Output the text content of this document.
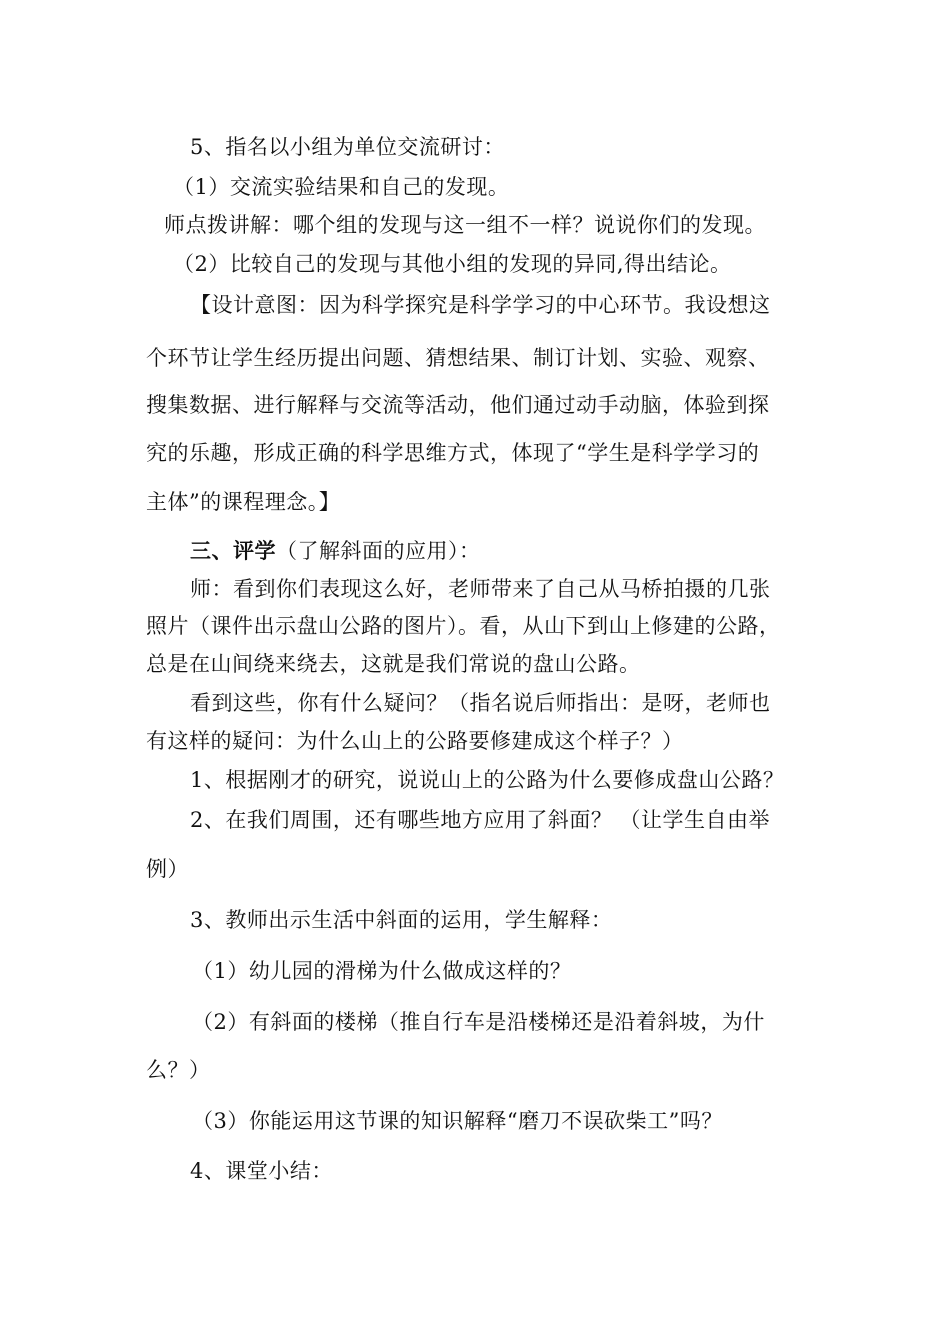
5、指名以小组为单位交流研讨：
（1）交流实验结果和自己的发现。
师点拨讲解：哪个组的发现与这一组不一样？说说你们的发现。
（2）比较自己的发现与其他小组的发现的异同,得出结论。
【设计意图：因为科学探究是科学学习的中心环节。我设想这
个环节让学生经历提出问题、猜想结果、制订计划、实验、观察、
搜集数据、进行解释与交流等活动，他们通过动手动脑，体验到探
究的乐趣，形成正确的科学思维方式，体现了“学生是科学学习的
主体”的课程理念。】
三、评学（了解斜面的应用）：
师：看到你们表现这么好，老师带来了自己从马桥拍摄的几张
照片（课件出示盘山公路的图片）。看，从山下到山上修建的公路，
总是在山间绕来绕去，这就是我们常说的盘山公路。
看到这些，你有什么疑问？（指名说后师指出：是呀，老师也
有这样的疑问：为什么山上的公路要修建成这个样子？）
1、根据刚才的研究，说说山上的公路为什么要修成盘山公路？
2、在我们周围，还有哪些地方应用了斜面？ （让学生自由举
例）
3、教师出示生活中斜面的运用，学生解释：
（1）幼儿园的滑梯为什么做成这样的？
（2）有斜面的楼梯（推自行车是沿楼梯还是沿着斜坡，为什
么？）
（3）你能运用这节课的知识解释“磨刀不误砍柴工”吗？
4、课堂小结：
